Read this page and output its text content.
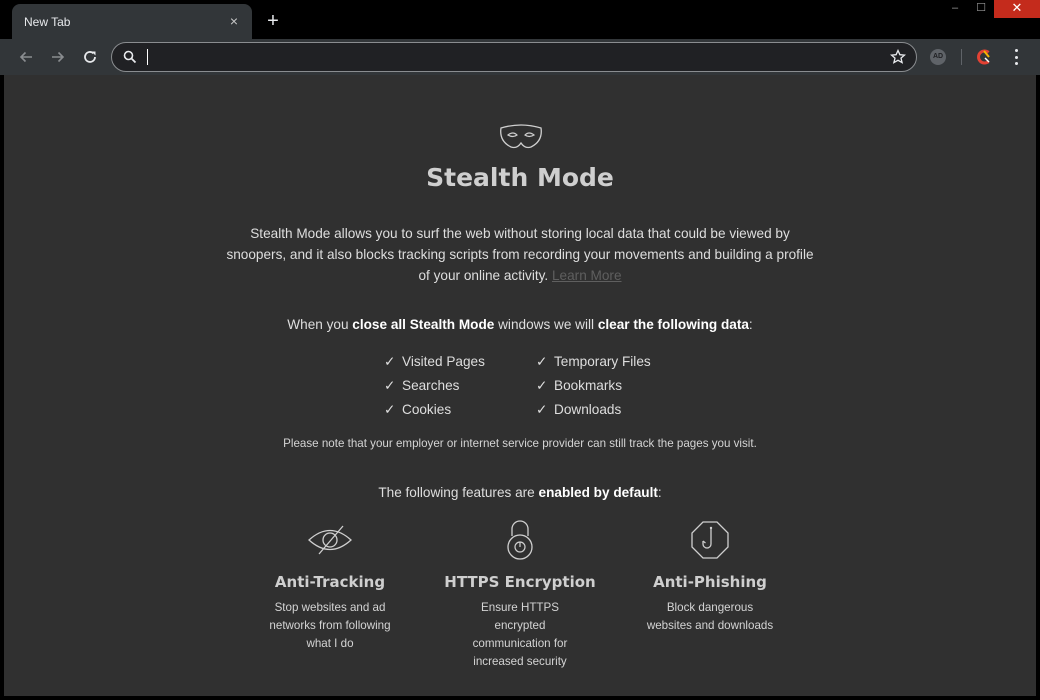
New Tab	× +
–	☐	✕
AD
Stealth Mode
Stealth Mode allows you to surf the web without storing local data that could be viewed by snoopers, and it also blocks tracking scripts from recording your movements and building a profile of your online activity. Learn More
When you close all Stealth Mode windows we will clear the following data:
✓ Visited Pages
✓ Searches
✓ Cookies
✓ Temporary Files
✓ Bookmarks
✓ Downloads
Please note that your employer or internet service provider can still track the pages you visit.
The following features are enabled by default:
Anti-Tracking
Stop websites and ad networks from following what I do
HTTPS Encryption
Ensure HTTPS encrypted communication for increased security
Anti-Phishing
Block dangerous websites and downloads
